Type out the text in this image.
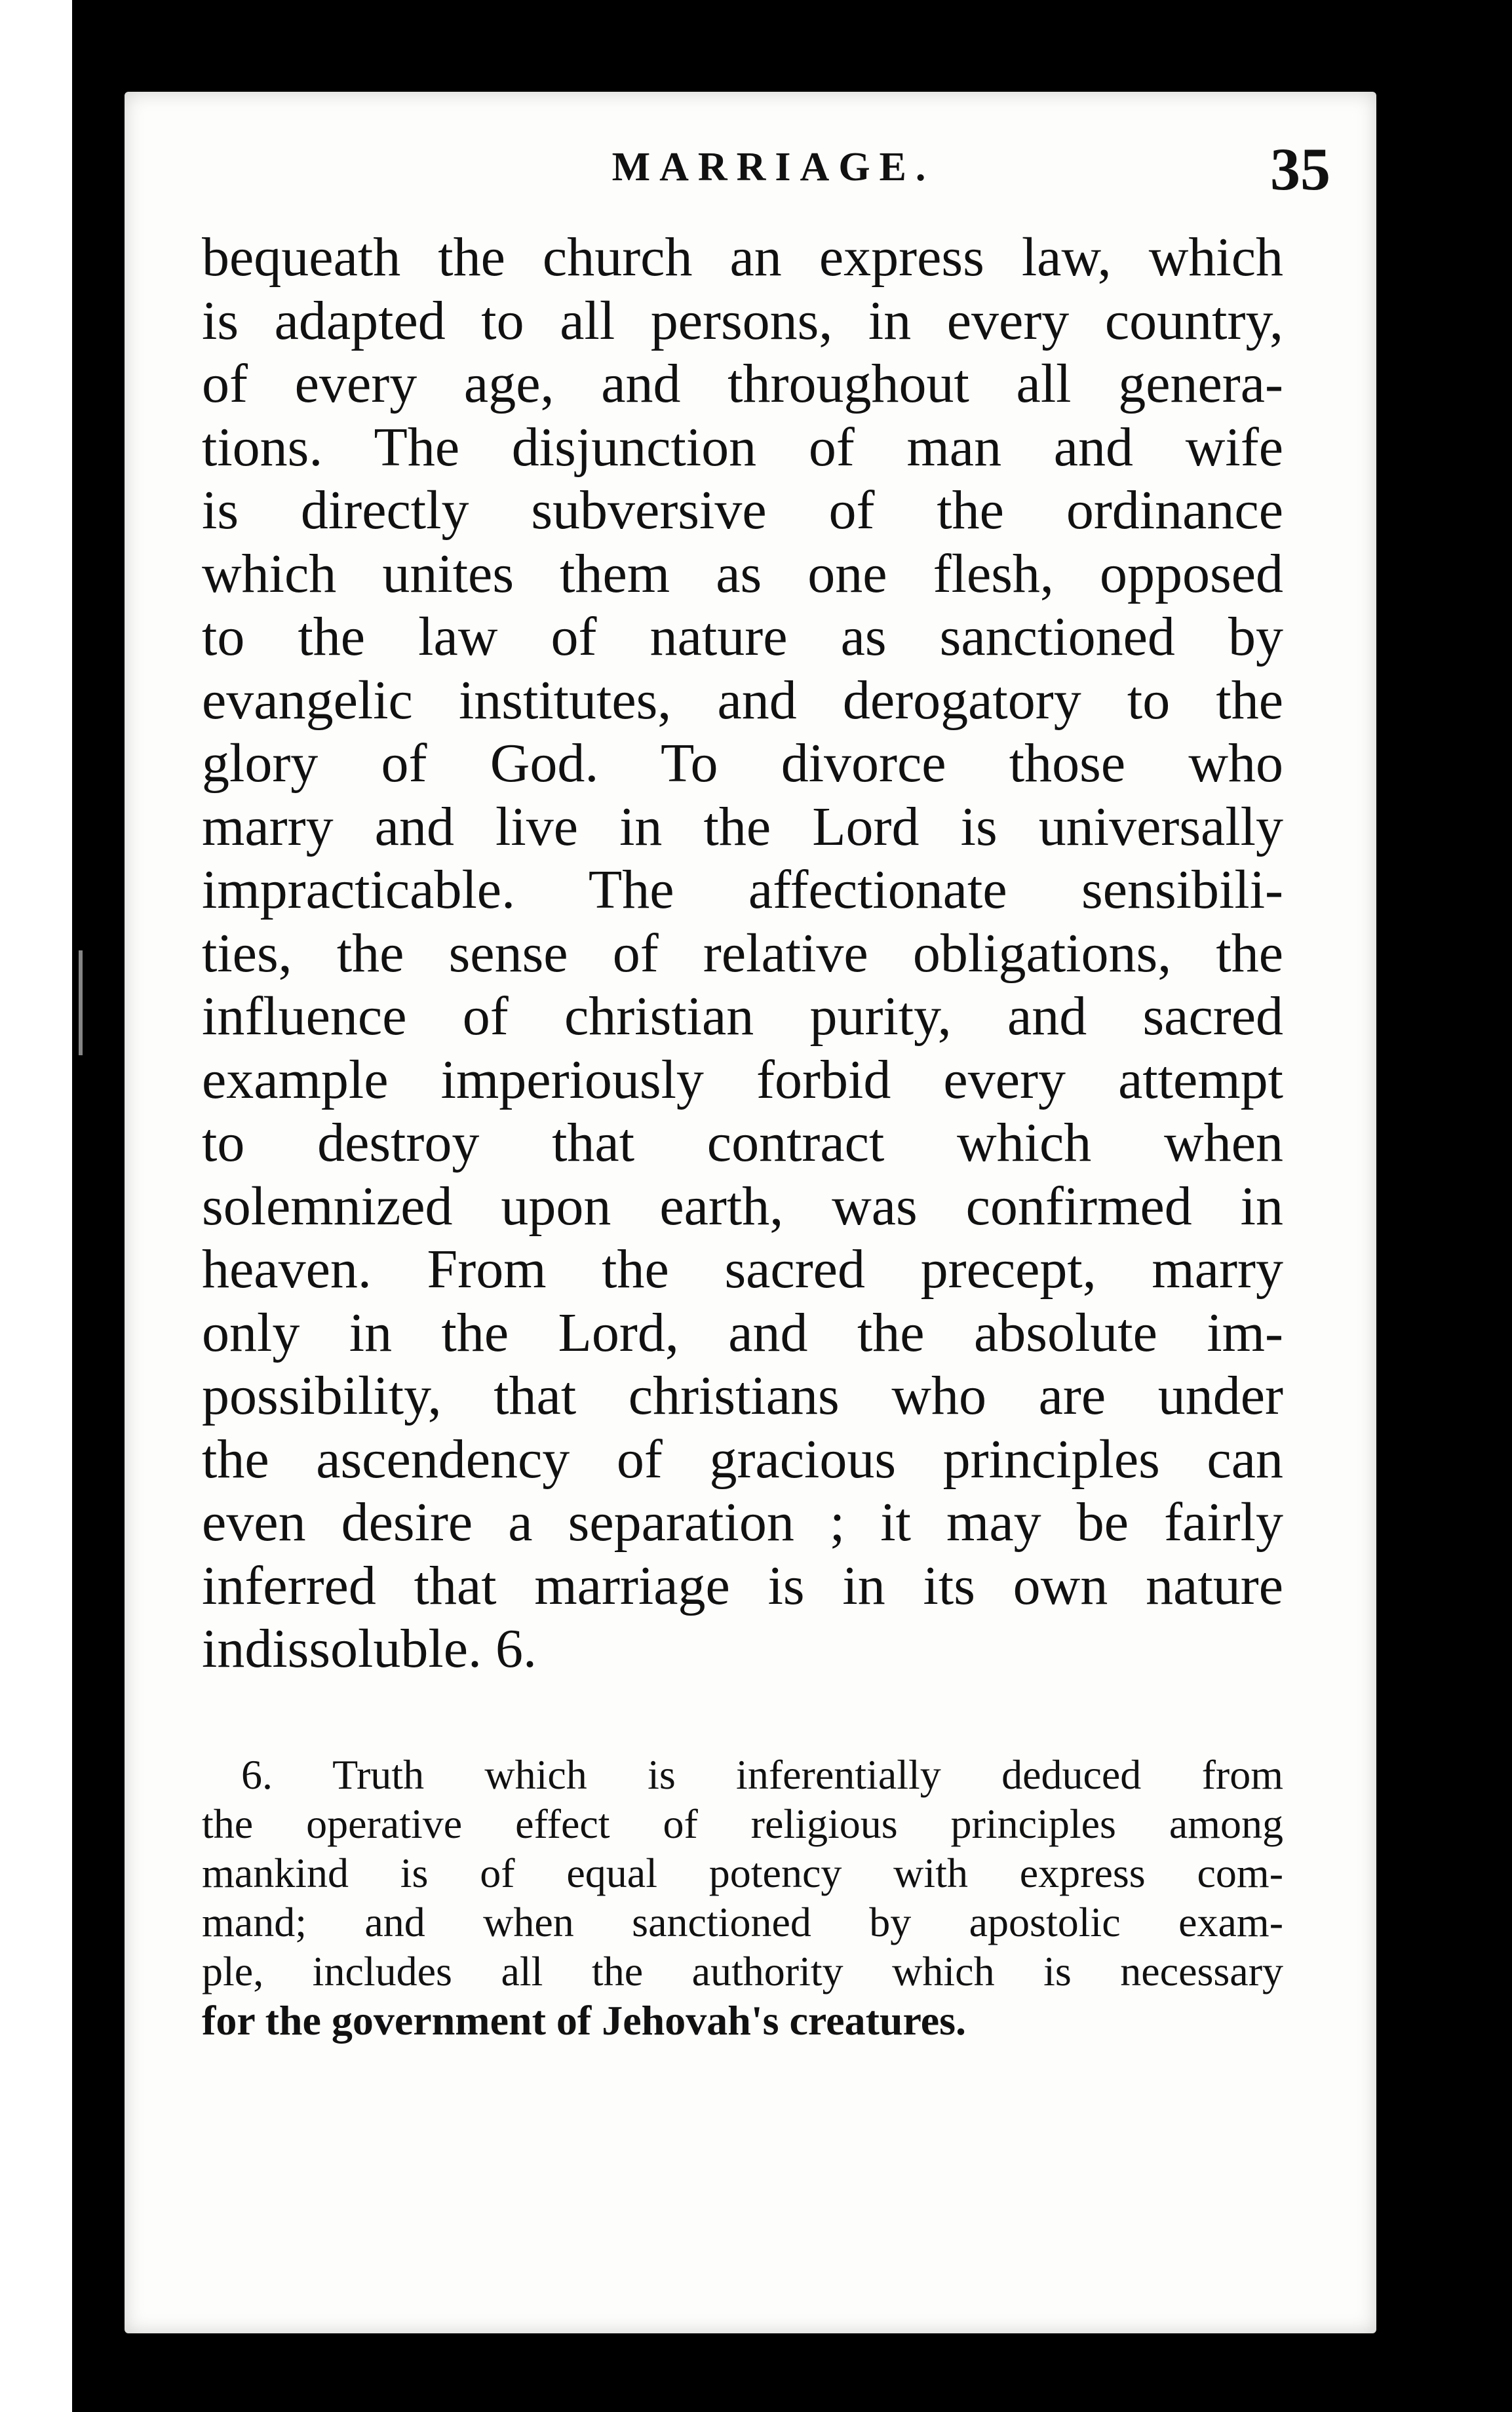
MARRIAGE.	35
bequeath the church an express law, which
is adapted to all persons, in every country,
of every age, and throughout all genera-
tions. The disjunction of man and wife
is directly subversive of the ordinance
which unites them as one flesh, opposed
to the law of nature as sanctioned by
evangelic institutes, and derogatory to the
glory of God. To divorce those who
marry and live in the Lord is universally
impracticable. The affectionate sensibili-
ties, the sense of relative obligations, the
influence of christian purity, and sacred
example imperiously forbid every attempt
to destroy that contract which when
solemnized upon earth, was confirmed in
heaven. From the sacred precept, marry
only in the Lord, and the absolute im-
possibility, that christians who are under
the ascendency of gracious principles can
even desire a separation ; it may be fairly
inferred that marriage is in its own nature
indissoluble. 6.
6. Truth which is inferentially deduced from
the operative effect of religious principles among
mankind is of equal potency with express com-
mand; and when sanctioned by apostolic exam-
ple, includes all the authority which is necessary
for the government of Jehovah's creatures.
